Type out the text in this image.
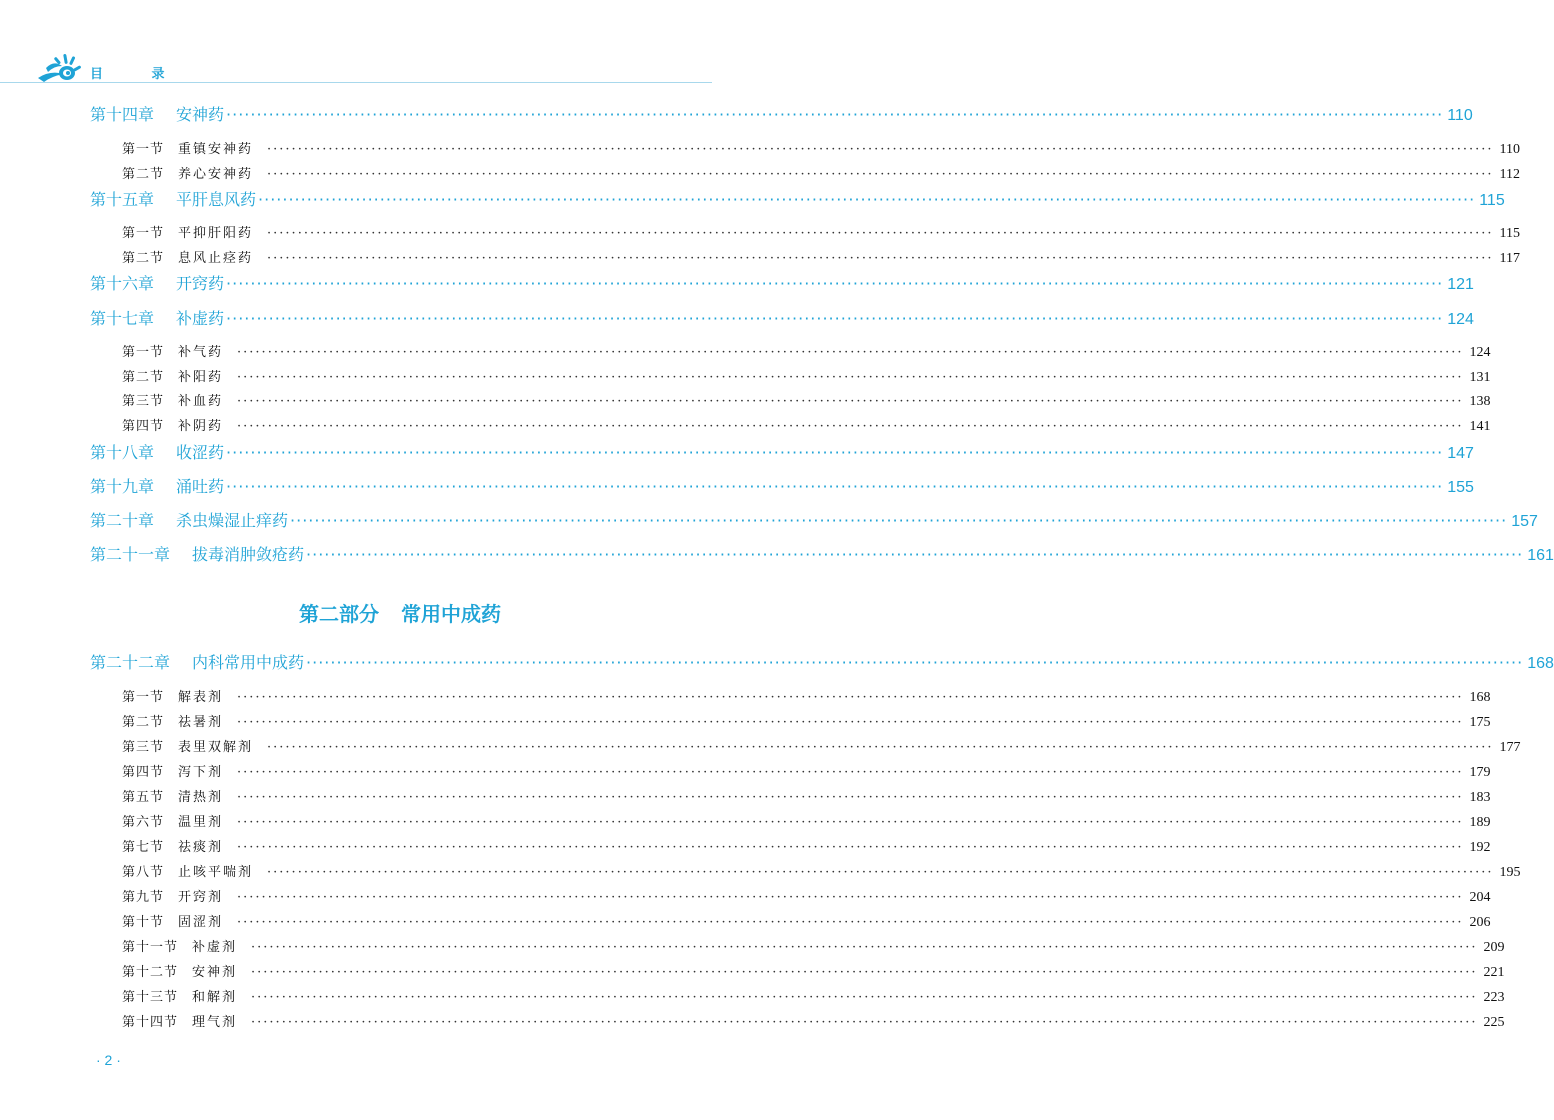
目 录
第十四章 安神药 ········································································································································································································ 110
第一节 重镇安神药 ········································································································································································································ 110
第二节 养心安神药 ········································································································································································································ 112
第十五章 平肝息风药 ········································································································································································································ 115
第一节 平抑肝阳药 ········································································································································································································ 115
第二节 息风止痉药 ········································································································································································································ 117
第十六章 开窍药 ········································································································································································································ 121
第十七章 补虚药 ········································································································································································································ 124
第一节 补气药 ········································································································································································································ 124
第二节 补阳药 ········································································································································································································ 131
第三节 补血药 ········································································································································································································ 138
第四节 补阴药 ········································································································································································································ 141
第十八章 收涩药 ········································································································································································································ 147
第十九章 涌吐药 ········································································································································································································ 155
第二十章 杀虫燥湿止痒药 ········································································································································································································ 157
第二十一章 拔毒消肿敛疮药 ········································································································································································································ 161
第二部分 常用中成药
第二十二章 内科常用中成药 ········································································································································································································ 168
第一节 解表剂 ········································································································································································································ 168
第二节 祛暑剂 ········································································································································································································ 175
第三节 表里双解剂 ········································································································································································································ 177
第四节 泻下剂 ········································································································································································································ 179
第五节 清热剂 ········································································································································································································ 183
第六节 温里剂 ········································································································································································································ 189
第七节 祛痰剂 ········································································································································································································ 192
第八节 止咳平喘剂 ········································································································································································································ 195
第九节 开窍剂 ········································································································································································································ 204
第十节 固涩剂 ········································································································································································································ 206
第十一节 补虚剂 ········································································································································································································ 209
第十二节 安神剂 ········································································································································································································ 221
第十三节 和解剂 ········································································································································································································ 223
第十四节 理气剂 ········································································································································································································ 225
· 2 ·
